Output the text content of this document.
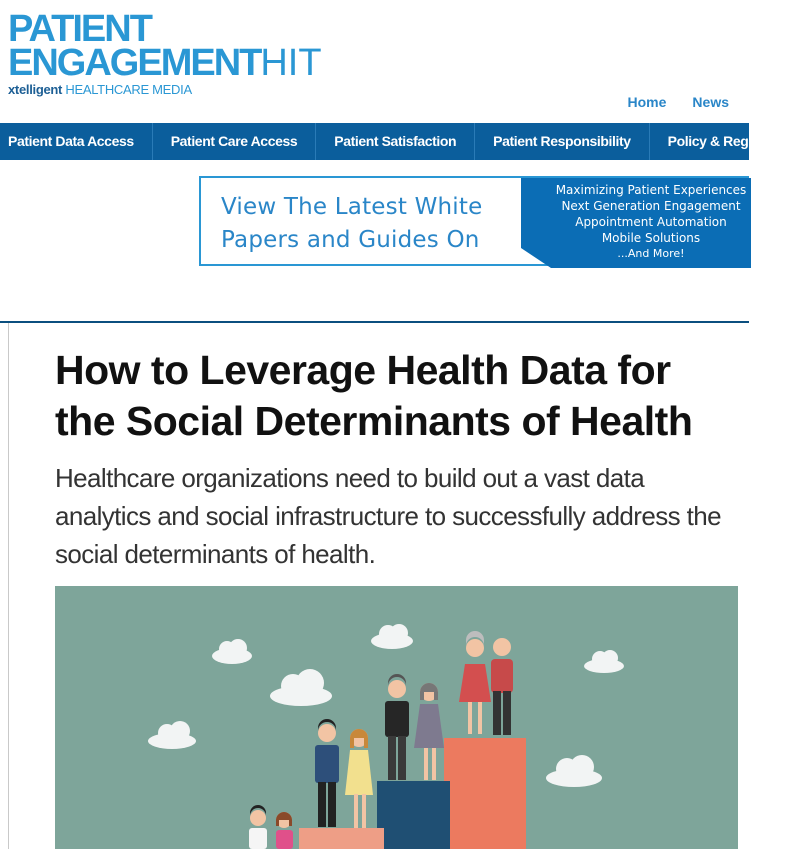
PATIENT
ENGAGEMENTHIT
xtelligent HEALTHCARE MEDIA
Home News
Patient Data Access	Patient Care Access	Patient Satisfaction	Patient Responsibility	Policy & Regulation
View The Latest White
Papers and Guides On
Maximizing Patient Experiences
Next Generation Engagement
Appointment Automation
Mobile Solutions
...And More!
How to Leverage Health Data for the Social Determinants of Health
Healthcare organizations need to build out a vast data analytics and social infrastructure to successfully address the social determinants of health.
